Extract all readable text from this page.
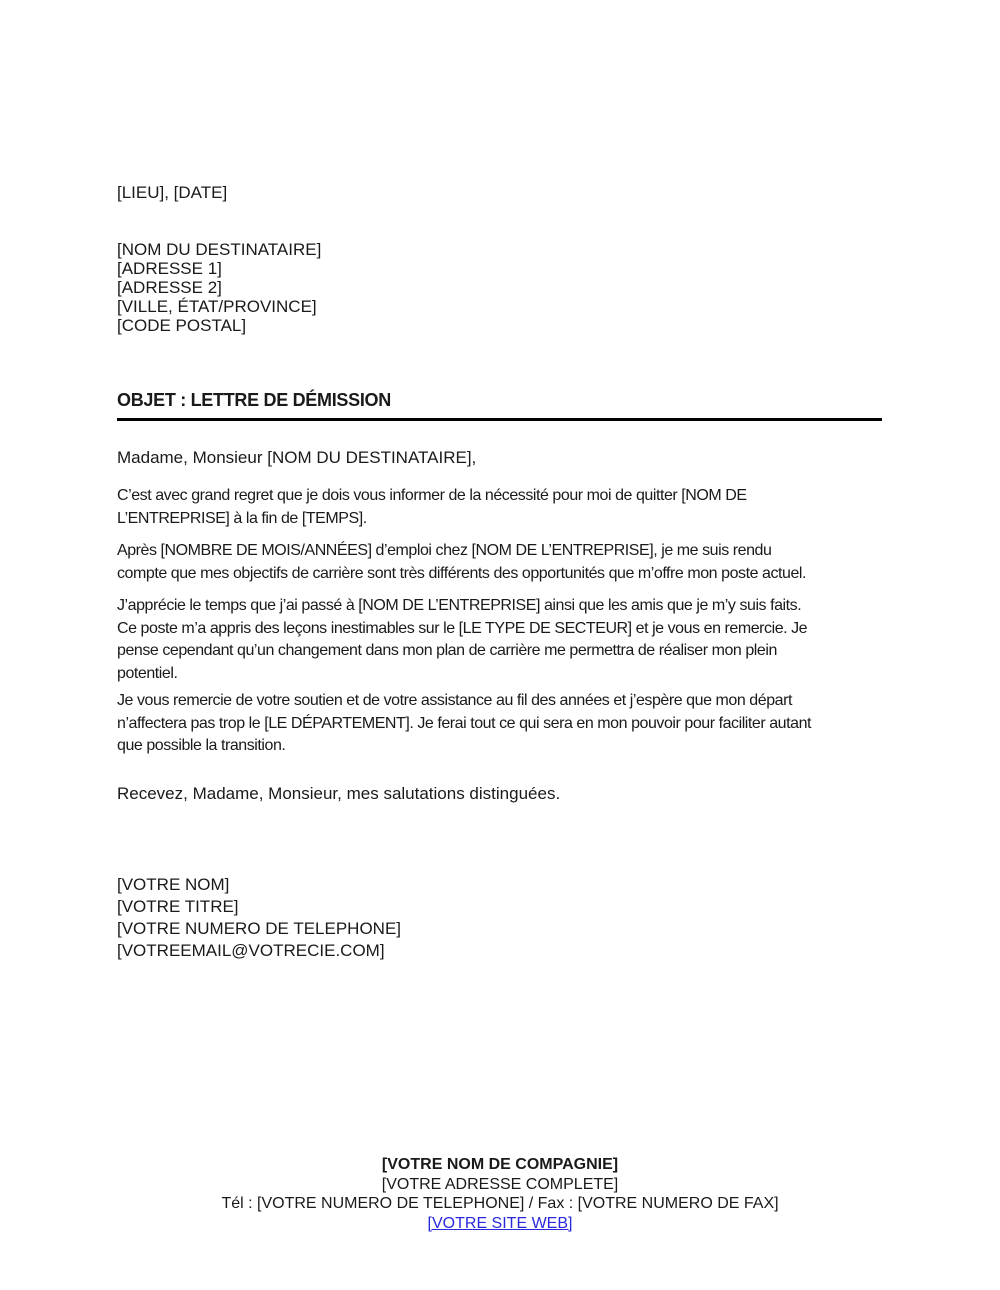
[LIEU], [DATE]
[NOM DU DESTINATAIRE]
[ADRESSE 1]
[ADRESSE 2]
[VILLE, ÉTAT/PROVINCE]
[CODE POSTAL]
OBJET : LETTRE DE DÉMISSION
Madame, Monsieur [NOM DU DESTINATAIRE],
C’est avec grand regret que je dois vous informer de la nécessité pour moi de quitter [NOM DE
L’ENTREPRISE] à la fin de [TEMPS].
Après [NOMBRE DE MOIS/ANNÉES] d’emploi chez [NOM DE L’ENTREPRISE], je me suis rendu
compte que mes objectifs de carrière sont très différents des opportunités que m’offre mon poste actuel.
J’apprécie le temps que j’ai passé à [NOM DE L’ENTREPRISE] ainsi que les amis que je m’y suis faits.
Ce poste m’a appris des leçons inestimables sur le [LE TYPE DE SECTEUR] et je vous en remercie. Je
pense cependant qu’un changement dans mon plan de carrière me permettra de réaliser mon plein
potentiel.
Je vous remercie de votre soutien et de votre assistance au fil des années et j’espère que mon départ
n’affectera pas trop le [LE DÉPARTEMENT]. Je ferai tout ce qui sera en mon pouvoir pour faciliter autant
que possible la transition.
Recevez, Madame, Monsieur, mes salutations distinguées.
[VOTRE NOM]
[VOTRE TITRE]
[VOTRE NUMERO DE TELEPHONE]
[VOTREEMAIL@VOTRECIE.COM]
[VOTRE NOM DE COMPAGNIE]
[VOTRE ADRESSE COMPLETE]
Tél : [VOTRE NUMERO DE TELEPHONE] / Fax : [VOTRE NUMERO DE FAX]
[VOTRE SITE WEB]
